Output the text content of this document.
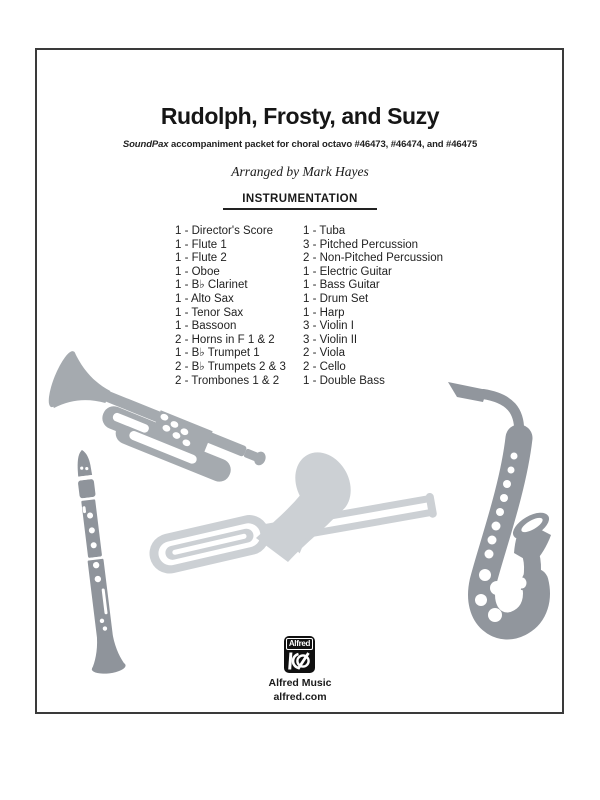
Rudolph, Frosty, and Suzy
SoundPax accompaniment packet for choral octavo #46473, #46474, and #46475
Arranged by Mark Hayes
INSTRUMENTATION
1 - Director's Score
1 - Flute 1
1 - Flute 2
1 - Oboe
1 - B♭ Clarinet
1 - Alto Sax
1 - Tenor Sax
1 - Bassoon
2 - Horns in F 1 & 2
1 - B♭ Trumpet 1
2 - B♭ Trumpets 2 & 3
2 - Trombones 1 & 2
1 - Tuba
3 - Pitched Percussion
2 - Non-Pitched Percussion
1 - Electric Guitar
1 - Bass Guitar
1 - Drum Set
1 - Harp
3 - Violin I
3 - Violin II
2 - Viola
2 - Cello
1 - Double Bass
Alfred
Alfred Music
alfred.com
